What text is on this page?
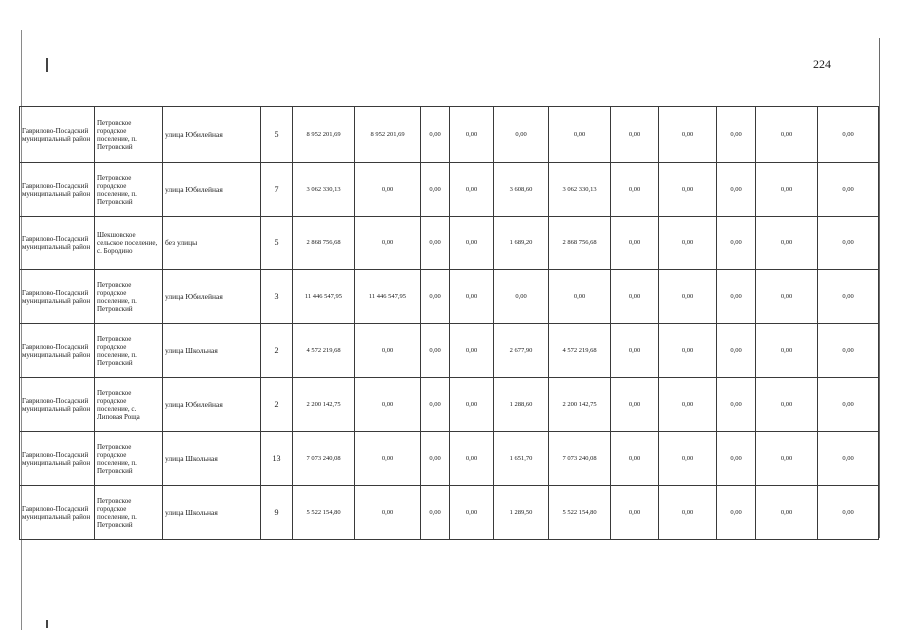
224
Гаврилово-Посадский муниципальный район	Петровское городское поселение, п. Петровский	улица Юбилейная	5	8 952 201,69	8 952 201,69	0,00	0,00	0,00	0,00	0,00	0,00	0,00	0,00	0,00
Гаврилово-Посадский муниципальный район	Петровское городское поселение, п. Петровский	улица Юбилейная	7	3 062 330,13	0,00	0,00	0,00	3 608,60	3 062 330,13	0,00	0,00	0,00	0,00	0,00
Гаврилово-Посадский муниципальный район	Шекшовское сельское поселение, с. Бородино	без улицы	5	2 868 756,68	0,00	0,00	0,00	1 689,20	2 868 756,68	0,00	0,00	0,00	0,00	0,00
Гаврилово-Посадский муниципальный район	Петровское городское поселение, п. Петровский	улица Юбилейная	3	11 446 547,95	11 446 547,95	0,00	0,00	0,00	0,00	0,00	0,00	0,00	0,00	0,00
Гаврилово-Посадский муниципальный район	Петровское городское поселение, п. Петровский	улица Школьная	2	4 572 219,68	0,00	0,00	0,00	2 677,90	4 572 219,68	0,00	0,00	0,00	0,00	0,00
Гаврилово-Посадский муниципальный район	Петровское городское поселение, с. Липовая Роща	улица Юбилейная	2	2 200 142,75	0,00	0,00	0,00	1 288,60	2 200 142,75	0,00	0,00	0,00	0,00	0,00
Гаврилово-Посадский муниципальный район	Петровское городское поселение, п. Петровский	улица Школьная	13	7 073 240,08	0,00	0,00	0,00	1 651,70	7 073 240,08	0,00	0,00	0,00	0,00	0,00
Гаврилово-Посадский муниципальный район	Петровское городское поселение, п. Петровский	улица Школьная	9	5 522 154,80	0,00	0,00	0,00	1 289,50	5 522 154,80	0,00	0,00	0,00	0,00	0,00
